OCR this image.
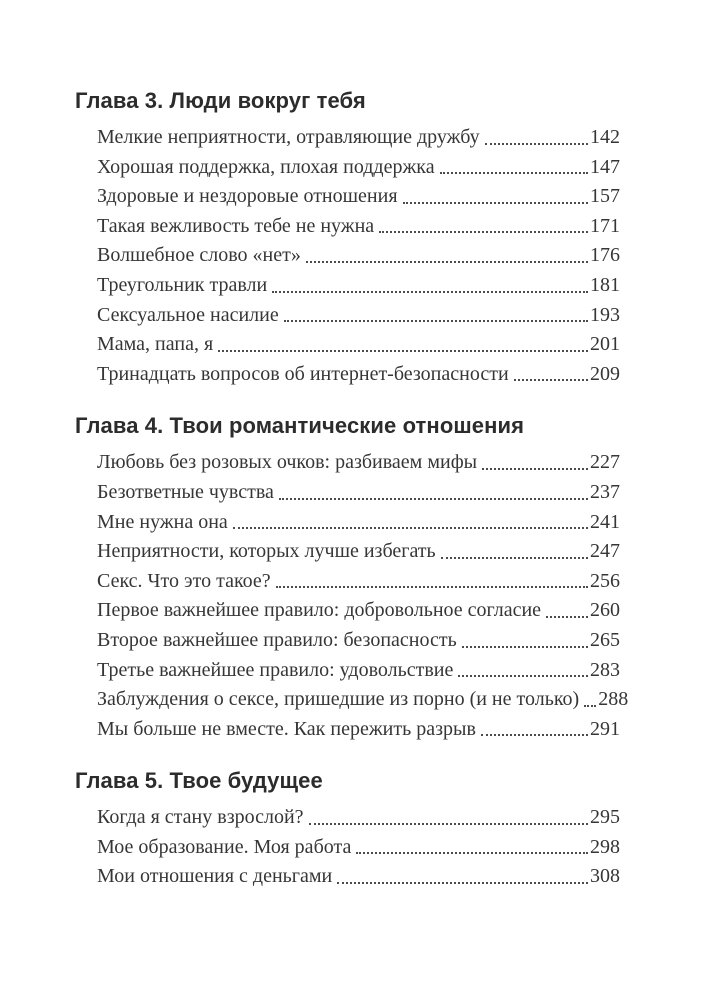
Глава 3. Люди вокруг тебя
Мелкие неприятности, отравляющие дружбу	142
Хорошая поддержка, плохая поддержка	147
Здоровые и нездоровые отношения	157
Такая вежливость тебе не нужна	171
Волшебное слово «нет»	176
Треугольник травли	181
Сексуальное насилие	193
Мама, папа, я	201
Тринадцать вопросов об интернет-безопасности	209
Глава 4. Твои романтические отношения
Любовь без розовых очков: разбиваем мифы	227
Безответные чувства	237
Мне нужна она	241
Неприятности, которых лучше избегать	247
Секс. Что это такое?	256
Первое важнейшее правило: добровольное согласие 260
Второе важнейшее правило: безопасность	265
Третье важнейшее правило: удовольствие	283
Заблуждения о сексе, пришедшие из порно (и не только) 288
Мы больше не вместе. Как пережить разрыв	291
Глава 5. Твое будущее
Когда я стану взрослой?	295
Мое образование. Моя работа	298
Мои отношения с деньгами	308
